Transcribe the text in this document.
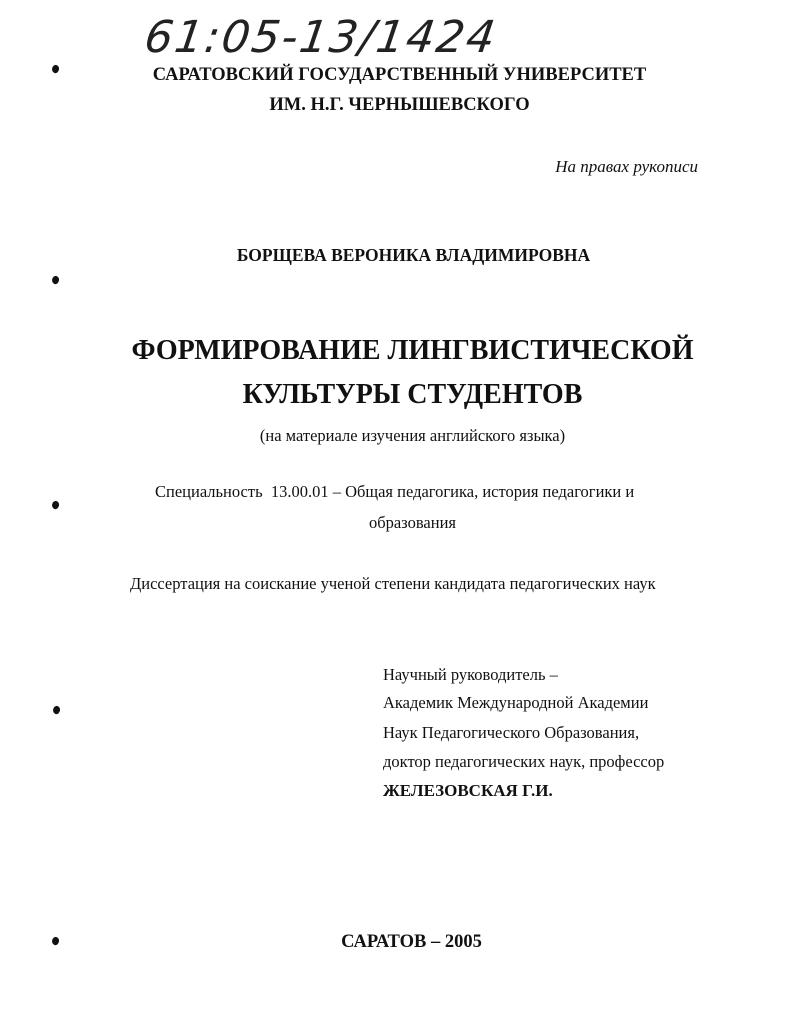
61:05-13/1424
САРАТОВСКИЙ ГОСУДАРСТВЕННЫЙ УНИВЕРСИТЕТ
ИМ. Н.Г. ЧЕРНЫШЕВСКОГО
На правах рукописи
БОРЩЕВА ВЕРОНИКА ВЛАДИМИРОВНА
ФОРМИРОВАНИЕ ЛИНГВИСТИЧЕСКОЙ
КУЛЬТУРЫ СТУДЕНТОВ
(на материале изучения английского языка)
Специальность  13.00.01 – Общая педагогика, история педагогики и
образования
Диссертация на соискание ученой степени кандидата педагогических наук
Научный руководитель –
Академик Международной Академии
Наук Педагогического Образования,
доктор педагогических наук, профессор
ЖЕЛЕЗОВСКАЯ Г.И.
САРАТОВ – 2005
